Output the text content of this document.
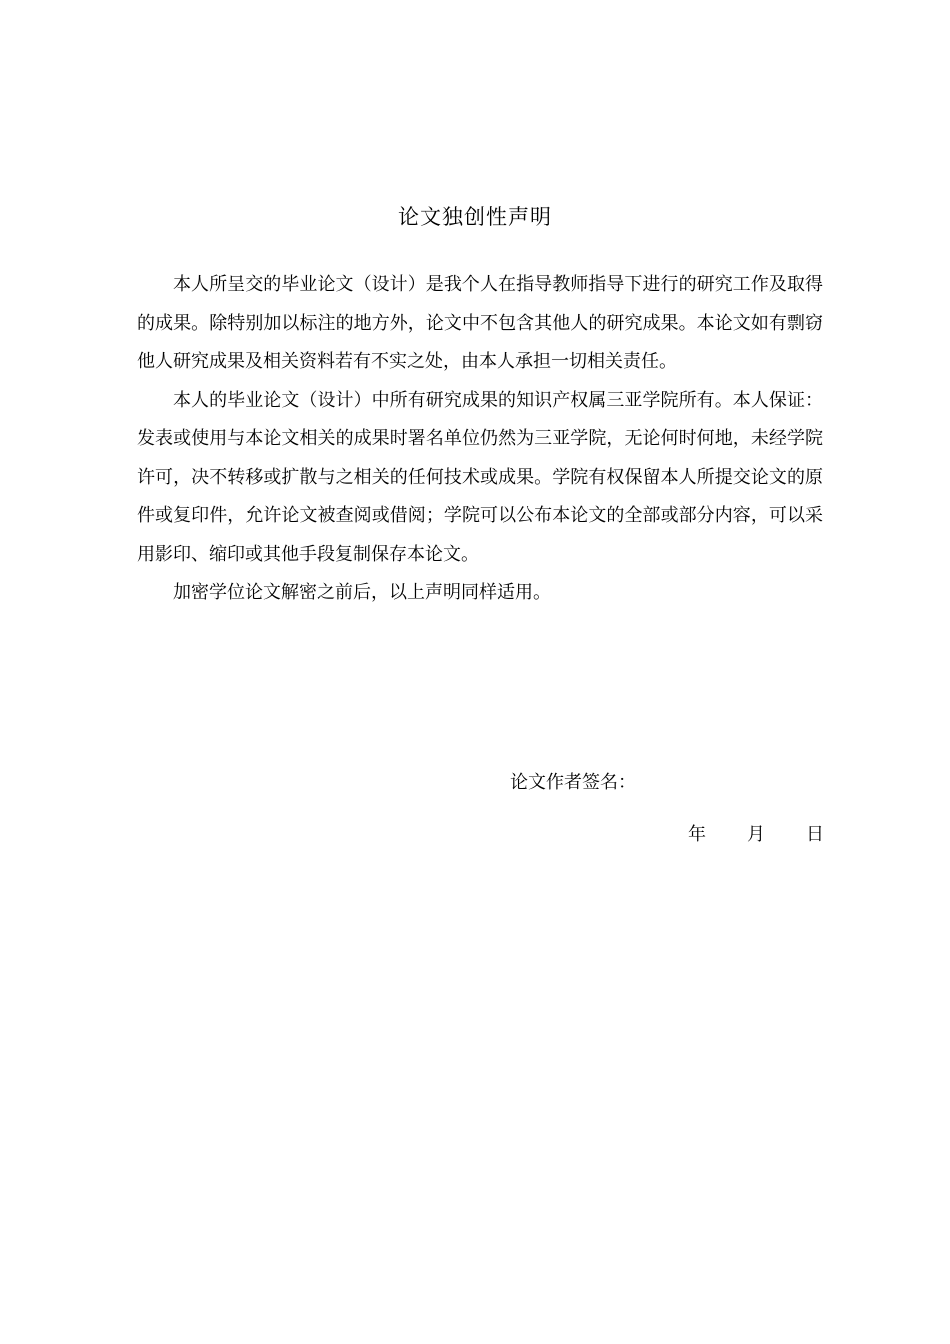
论文独创性声明

本人所呈交的毕业论文（设计）是我个人在指导教师指导下进行的研究工作及取得的成果。除特别加以标注的地方外，论文中不包含其他人的研究成果。本论文如有剽窃他人研究成果及相关资料若有不实之处，由本人承担一切相关责任。

本人的毕业论文（设计）中所有研究成果的知识产权属三亚学院所有。本人保证：发表或使用与本论文相关的成果时署名单位仍然为三亚学院，无论何时何地，未经学院许可，决不转移或扩散与之相关的任何技术或成果。学院有权保留本人所提交论文的原件或复印件，允许论文被查阅或借阅；学院可以公布本论文的全部或部分内容，可以采用影印、缩印或其他手段复制保存本论文。

加密学位论文解密之前后，以上声明同样适用。

论文作者签名：
年 月 日
